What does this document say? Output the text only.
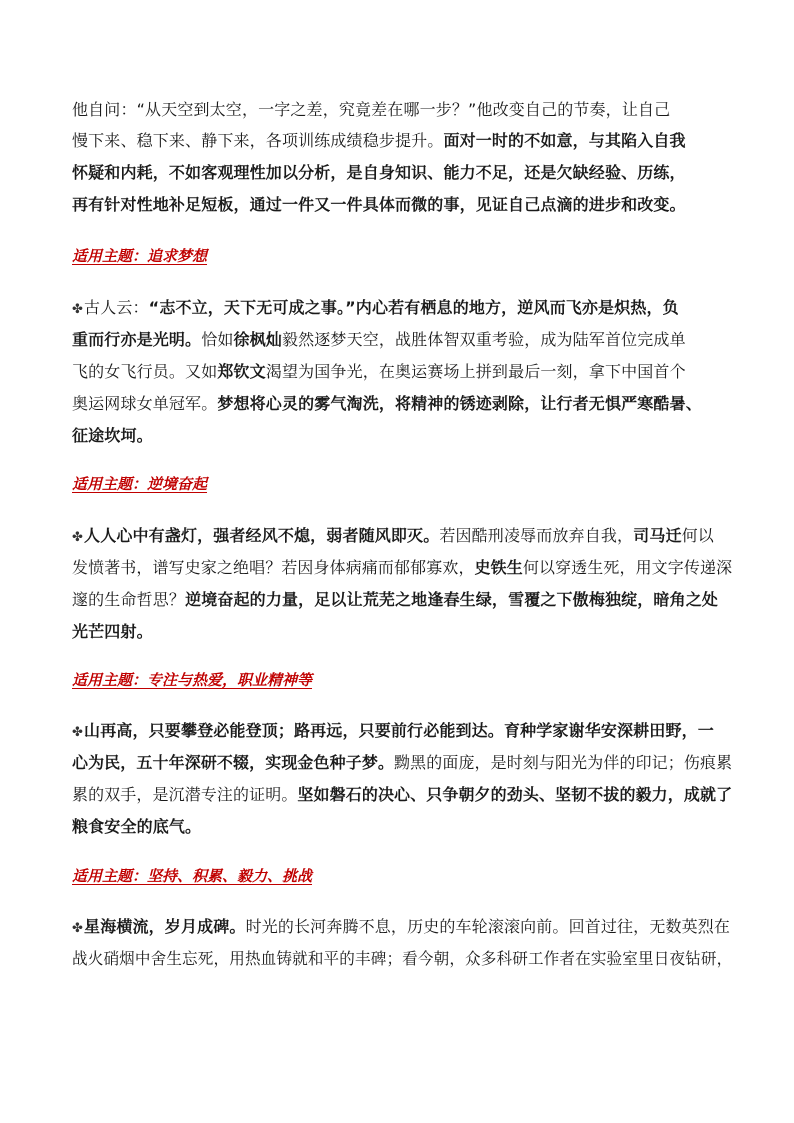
他自问：“从天空到太空，一字之差，究竟差在哪一步？”他改变自己的节奏，让自己
慢下来、稳下来、静下来，各项训练成绩稳步提升。面对一时的不如意，与其陷入自我
怀疑和内耗，不如客观理性加以分析，是自身知识、能力不足，还是欠缺经验、历练，
再有针对性地补足短板，通过一件又一件具体而微的事，见证自己点滴的进步和改变。
适用主题：追求梦想
✤古人云：“志不立，天下无可成之事。”内心若有栖息的地方，逆风而飞亦是炽热，负
重而行亦是光明。恰如徐枫灿毅然逐梦天空，战胜体智双重考验，成为陆军首位完成单
飞的女飞行员。又如郑钦文渴望为国争光，在奥运赛场上拼到最后一刻，拿下中国首个
奥运网球女单冠军。梦想将心灵的雾气淘洗，将精神的锈迹剥除，让行者无惧严寒酷暑、
征途坎坷。
适用主题：逆境奋起
✤人人心中有盏灯，强者经风不熄，弱者随风即灭。若因酷刑凌辱而放弃自我，司马迁何以
发愤著书，谱写史家之绝唱？若因身体病痛而郁郁寡欢，史铁生何以穿透生死，用文字传递深
邃的生命哲思？逆境奋起的力量，足以让荒芜之地逢春生绿，雪覆之下傲梅独绽，暗角之处
光芒四射。
适用主题：专注与热爱，职业精神等
✤山再高，只要攀登必能登顶；路再远，只要前行必能到达。育种学家谢华安深耕田野，一
心为民，五十年深研不辍，实现金色种子梦。黝黑的面庞，是时刻与阳光为伴的印记；伤痕累
累的双手，是沉潜专注的证明。坚如磐石的决心、只争朝夕的劲头、坚韧不拔的毅力，成就了
粮食安全的底气。
适用主题：坚持、积累、毅力、挑战
✤星海横流，岁月成碑。时光的长河奔腾不息，历史的车轮滚滚向前。回首过往，无数英烈在
战火硝烟中舍生忘死，用热血铸就和平的丰碑；看今朝，众多科研工作者在实验室里日夜钻研，
